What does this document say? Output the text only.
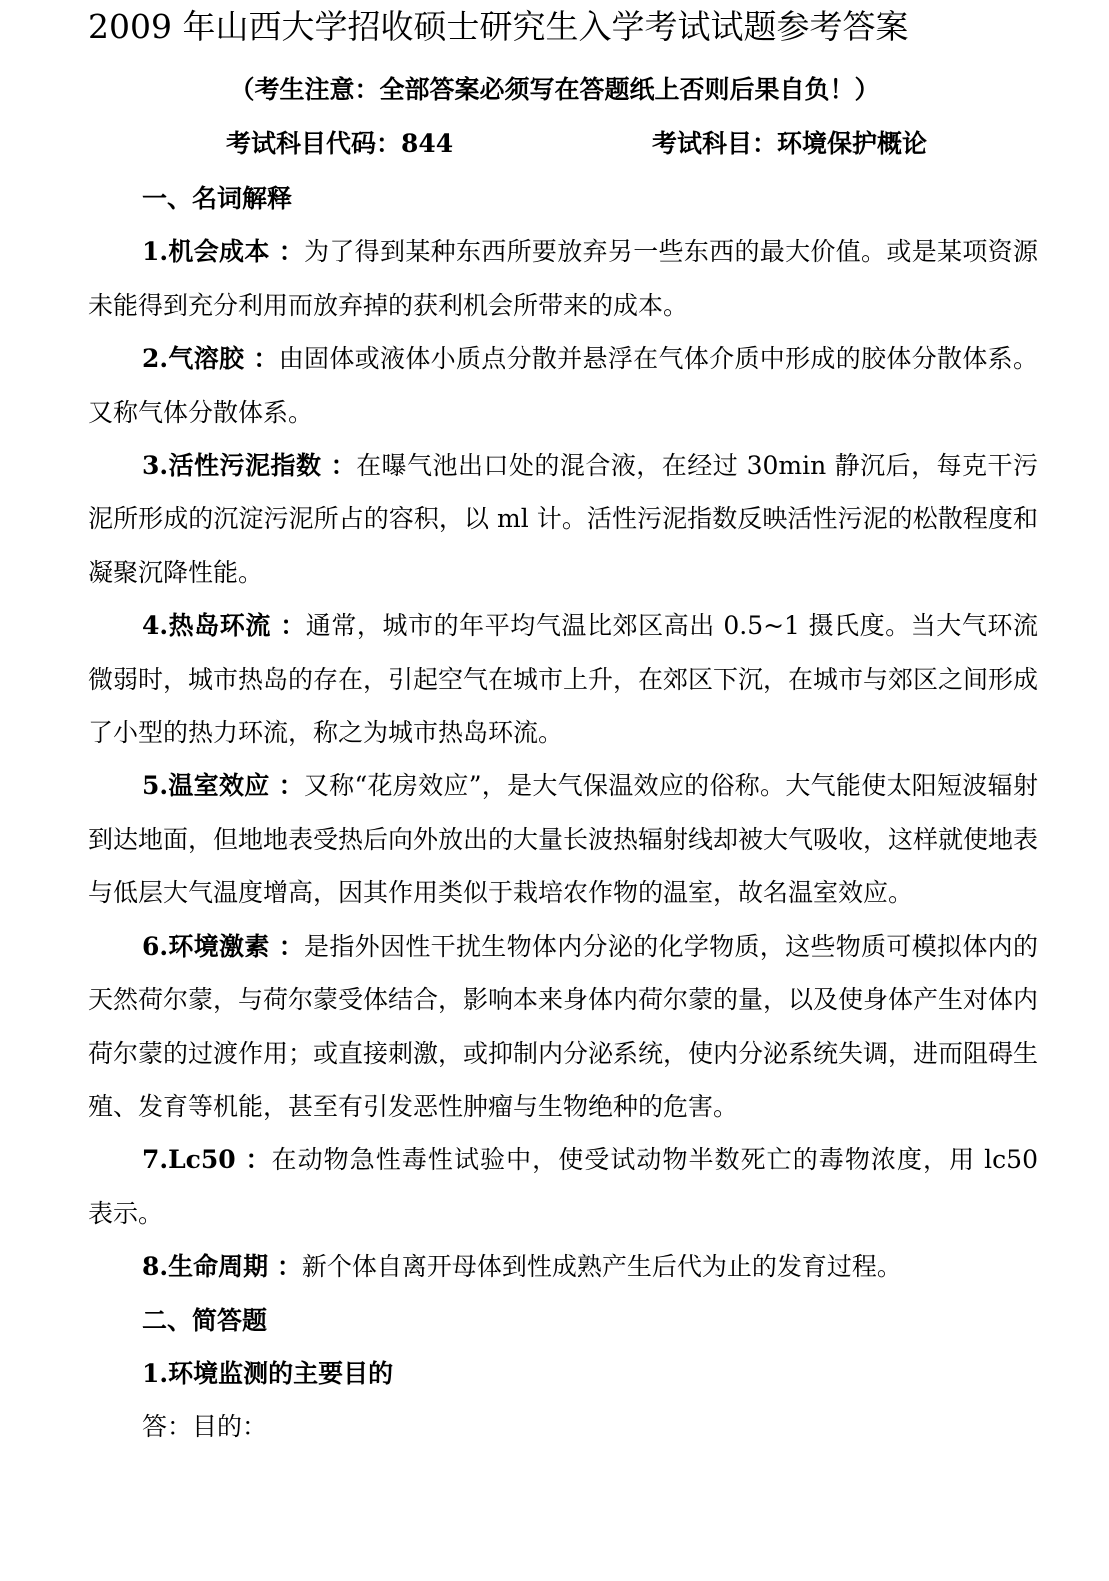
2009 年山西大学招收硕士研究生入学考试试题参考答案
（考生注意：全部答案必须写在答题纸上否则后果自负！）
考试科目代码：844	考试科目：环境保护概论

一、名词解释

1.机会成本 ：为了得到某种东西所要放弃另一些东西的最大价值。或是某项资源未能得到充分利用而放弃掉的获利机会所带来的成本。

2.气溶胶 ：由固体或液体小质点分散并悬浮在气体介质中形成的胶体分散体系。又称气体分散体系。

3.活性污泥指数 ：在曝气池出口处的混合液，在经过 30min 静沉后，每克干污泥所形成的沉淀污泥所占的容积，以 ml 计。活性污泥指数反映活性污泥的松散程度和凝聚沉降性能。

4.热岛环流 ：通常，城市的年平均气温比郊区高出 0.5~1 摄氏度。当大气环流微弱时，城市热岛的存在，引起空气在城市上升，在郊区下沉，在城市与郊区之间形成了小型的热力环流，称之为城市热岛环流。

5.温室效应 ：又称“花房效应”，是大气保温效应的俗称。大气能使太阳短波辐射到达地面，但地地表受热后向外放出的大量长波热辐射线却被大气吸收，这样就使地表与低层大气温度增高，因其作用类似于栽培农作物的温室，故名温室效应。

6.环境激素 ：是指外因性干扰生物体内分泌的化学物质，这些物质可模拟体内的天然荷尔蒙，与荷尔蒙受体结合，影响本来身体内荷尔蒙的量，以及使身体产生对体内荷尔蒙的过渡作用；或直接刺激，或抑制内分泌系统，使内分泌系统失调，进而阻碍生殖、发育等机能，甚至有引发恶性肿瘤与生物绝种的危害。

7.Lc50 ：在动物急性毒性试验中，使受试动物半数死亡的毒物浓度，用 lc50 表示。

8.生命周期 ：新个体自离开母体到性成熟产生后代为止的发育过程。

二、简答题

1.环境监测的主要目的

答：目的：
